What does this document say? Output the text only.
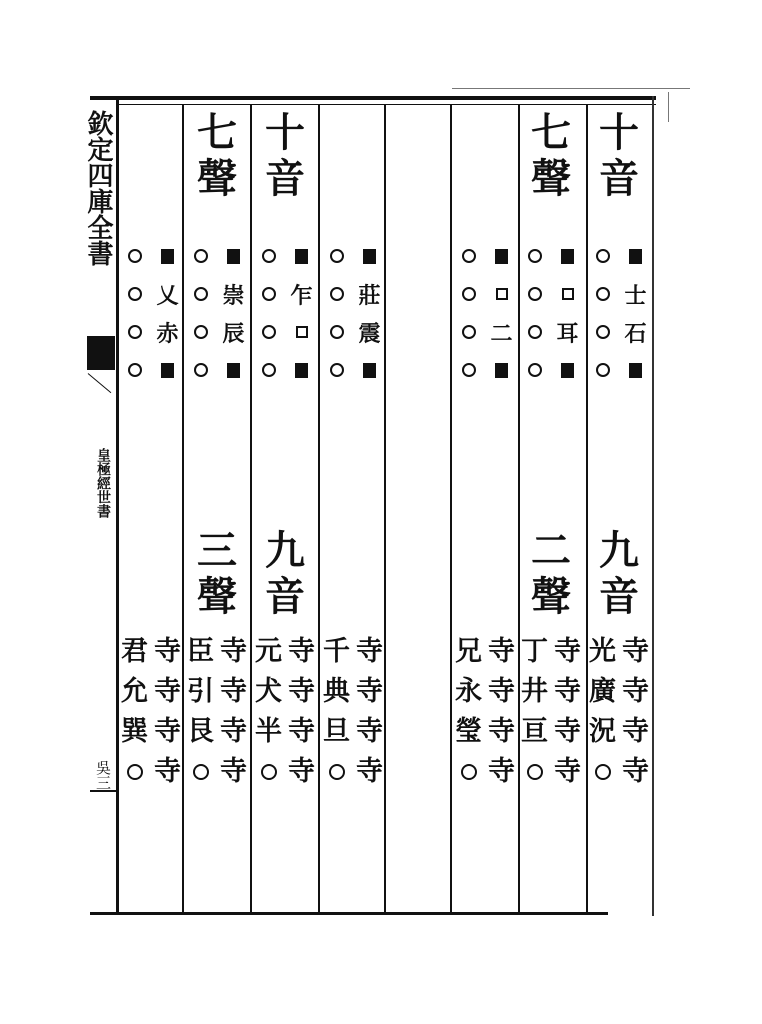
欽定四庫全書
皇極經世書
吳三
十
音
士
石
九
音
寺
寺
寺
寺
光
廣
況
七
聲
耳
二
聲
寺
寺
寺
寺
丁
井
亘
二
寺
寺
寺
寺
兄
永
瑩
莊
震
寺
寺
寺
寺
千
典
旦
十
音
乍
九
音
寺
寺
寺
寺
元
犬
半
七
聲
崇
辰
三
聲
寺
寺
寺
寺
臣
引
艮
乂
赤
寺
寺
寺
寺
君
允
巽
